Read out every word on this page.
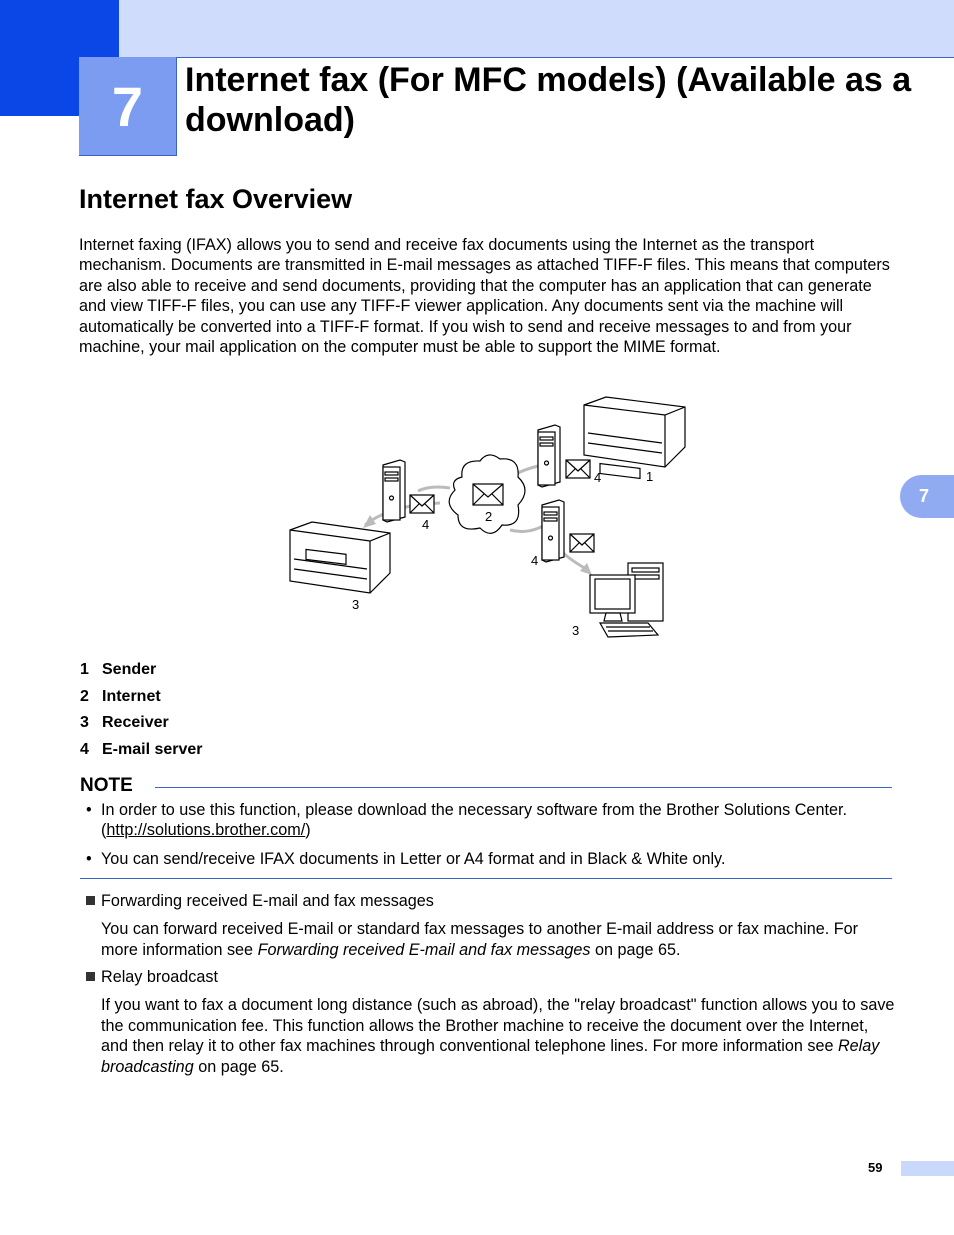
7	Internet fax (For MFC models) (Available as a download)
Internet fax Overview
Internet faxing (IFAX) allows you to send and receive fax documents using the Internet as the transport mechanism. Documents are transmitted in E-mail messages as attached TIFF-F files. This means that computers are also able to receive and send documents, providing that the computer has an application that can generate and view TIFF-F files, you can use any TIFF-F viewer application. Any documents sent via the machine will automatically be converted into a TIFF-F format. If you wish to send and receive messages to and from your machine, your mail application on the computer must be able to support the MIME format.
1
2
3
3
4
4
4
1 Sender
2 Internet
3 Receiver
4 E-mail server
NOTE
• In order to use this function, please download the necessary software from the Brother Solutions Center. (http://solutions.brother.com/)
• You can send/receive IFAX documents in Letter or A4 format and in Black & White only.
Forwarding received E-mail and fax messages
You can forward received E-mail or standard fax messages to another E-mail address or fax machine. For more information see Forwarding received E-mail and fax messages on page 65.
Relay broadcast
If you want to fax a document long distance (such as abroad), the "relay broadcast" function allows you to save the communication fee. This function allows the Brother machine to receive the document over the Internet, and then relay it to other fax machines through conventional telephone lines. For more information see Relay broadcasting on page 65.
7
59
